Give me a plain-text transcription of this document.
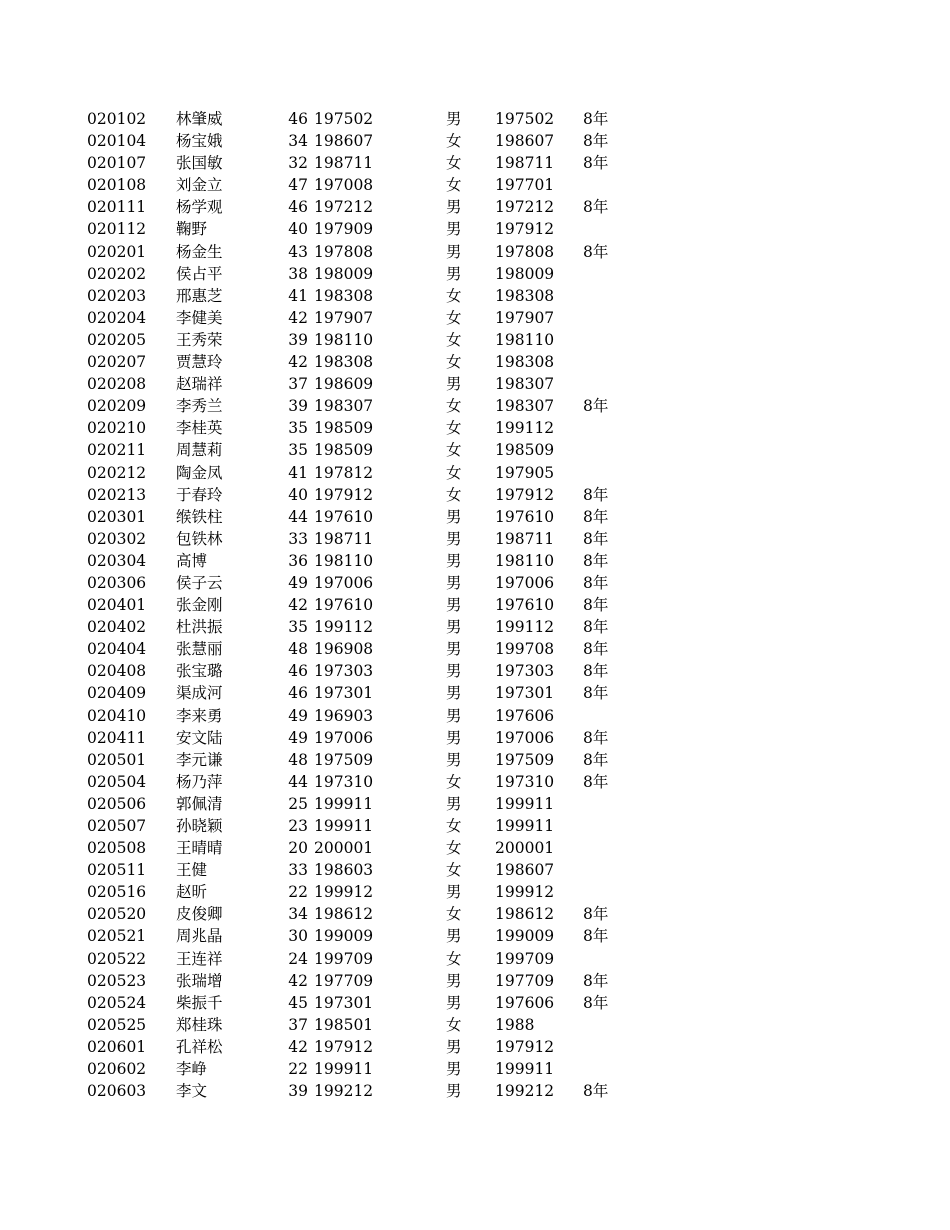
020102 林肇威	46 197502	男 197502 8年
020104 杨宝娥	34 198607	女 198607 8年
020107 张国敏	32 198711	女 198711 8年
020108 刘金立	47 197008	女 197701
020111 杨学观	46 197212	男 197212 8年
020112 鞠野	40 197909	男 197912
020201 杨金生	43 197808	男 197808 8年
020202 侯占平	38 198009	男 198009
020203 邢惠芝	41 198308	女 198308
020204 李健美	42 197907	女 197907
020205 王秀荣	39 198110	女 198110
020207 贾慧玲	42 198308	女 198308
020208 赵瑞祥	37 198609	男 198307
020209 李秀兰	39 198307	女 198307 8年
020210 李桂英	35 198509	女 199112
020211 周慧莉	35 198509	女 198509
020212 陶金凤	41 197812	女 197905
020213 于春玲	40 197912	女 197912 8年
020301 缑铁柱	44 197610	男 197610 8年
020302 包铁林	33 198711	男 198711 8年
020304 高博	36 198110	男 198110 8年
020306 侯子云	49 197006	男 197006 8年
020401 张金刚	42 197610	男 197610 8年
020402 杜洪振	35 199112	男 199112 8年
020404 张慧丽	48 196908	男 199708 8年
020408 张宝璐	46 197303	男 197303 8年
020409 渠成河	46 197301	男 197301 8年
020410 李来勇	49 196903	男 197606
020411 安文陆	49 197006	男 197006 8年
020501 李元谦	48 197509	男 197509 8年
020504 杨乃萍	44 197310	女 197310 8年
020506 郭佩清	25 199911	男 199911
020507 孙晓颖	23 199911	女 199911
020508 王晴晴	20 200001	女 200001
020511 王健	33 198603	女 198607
020516 赵昕	22 199912	男 199912
020520 皮俊卿	34 198612	女 198612 8年
020521 周兆晶	30 199009	男 199009 8年
020522 王连祥	24 199709	女 199709
020523 张瑞增	42 197709	男 197709 8年
020524 柴振千	45 197301	男 197606 8年
020525 郑桂珠	37 198501	女 1988
020601 孔祥松	42 197912	男 197912
020602 李峥	22 199911	男 199911
020603 李文	39 199212	男 199212 8年
